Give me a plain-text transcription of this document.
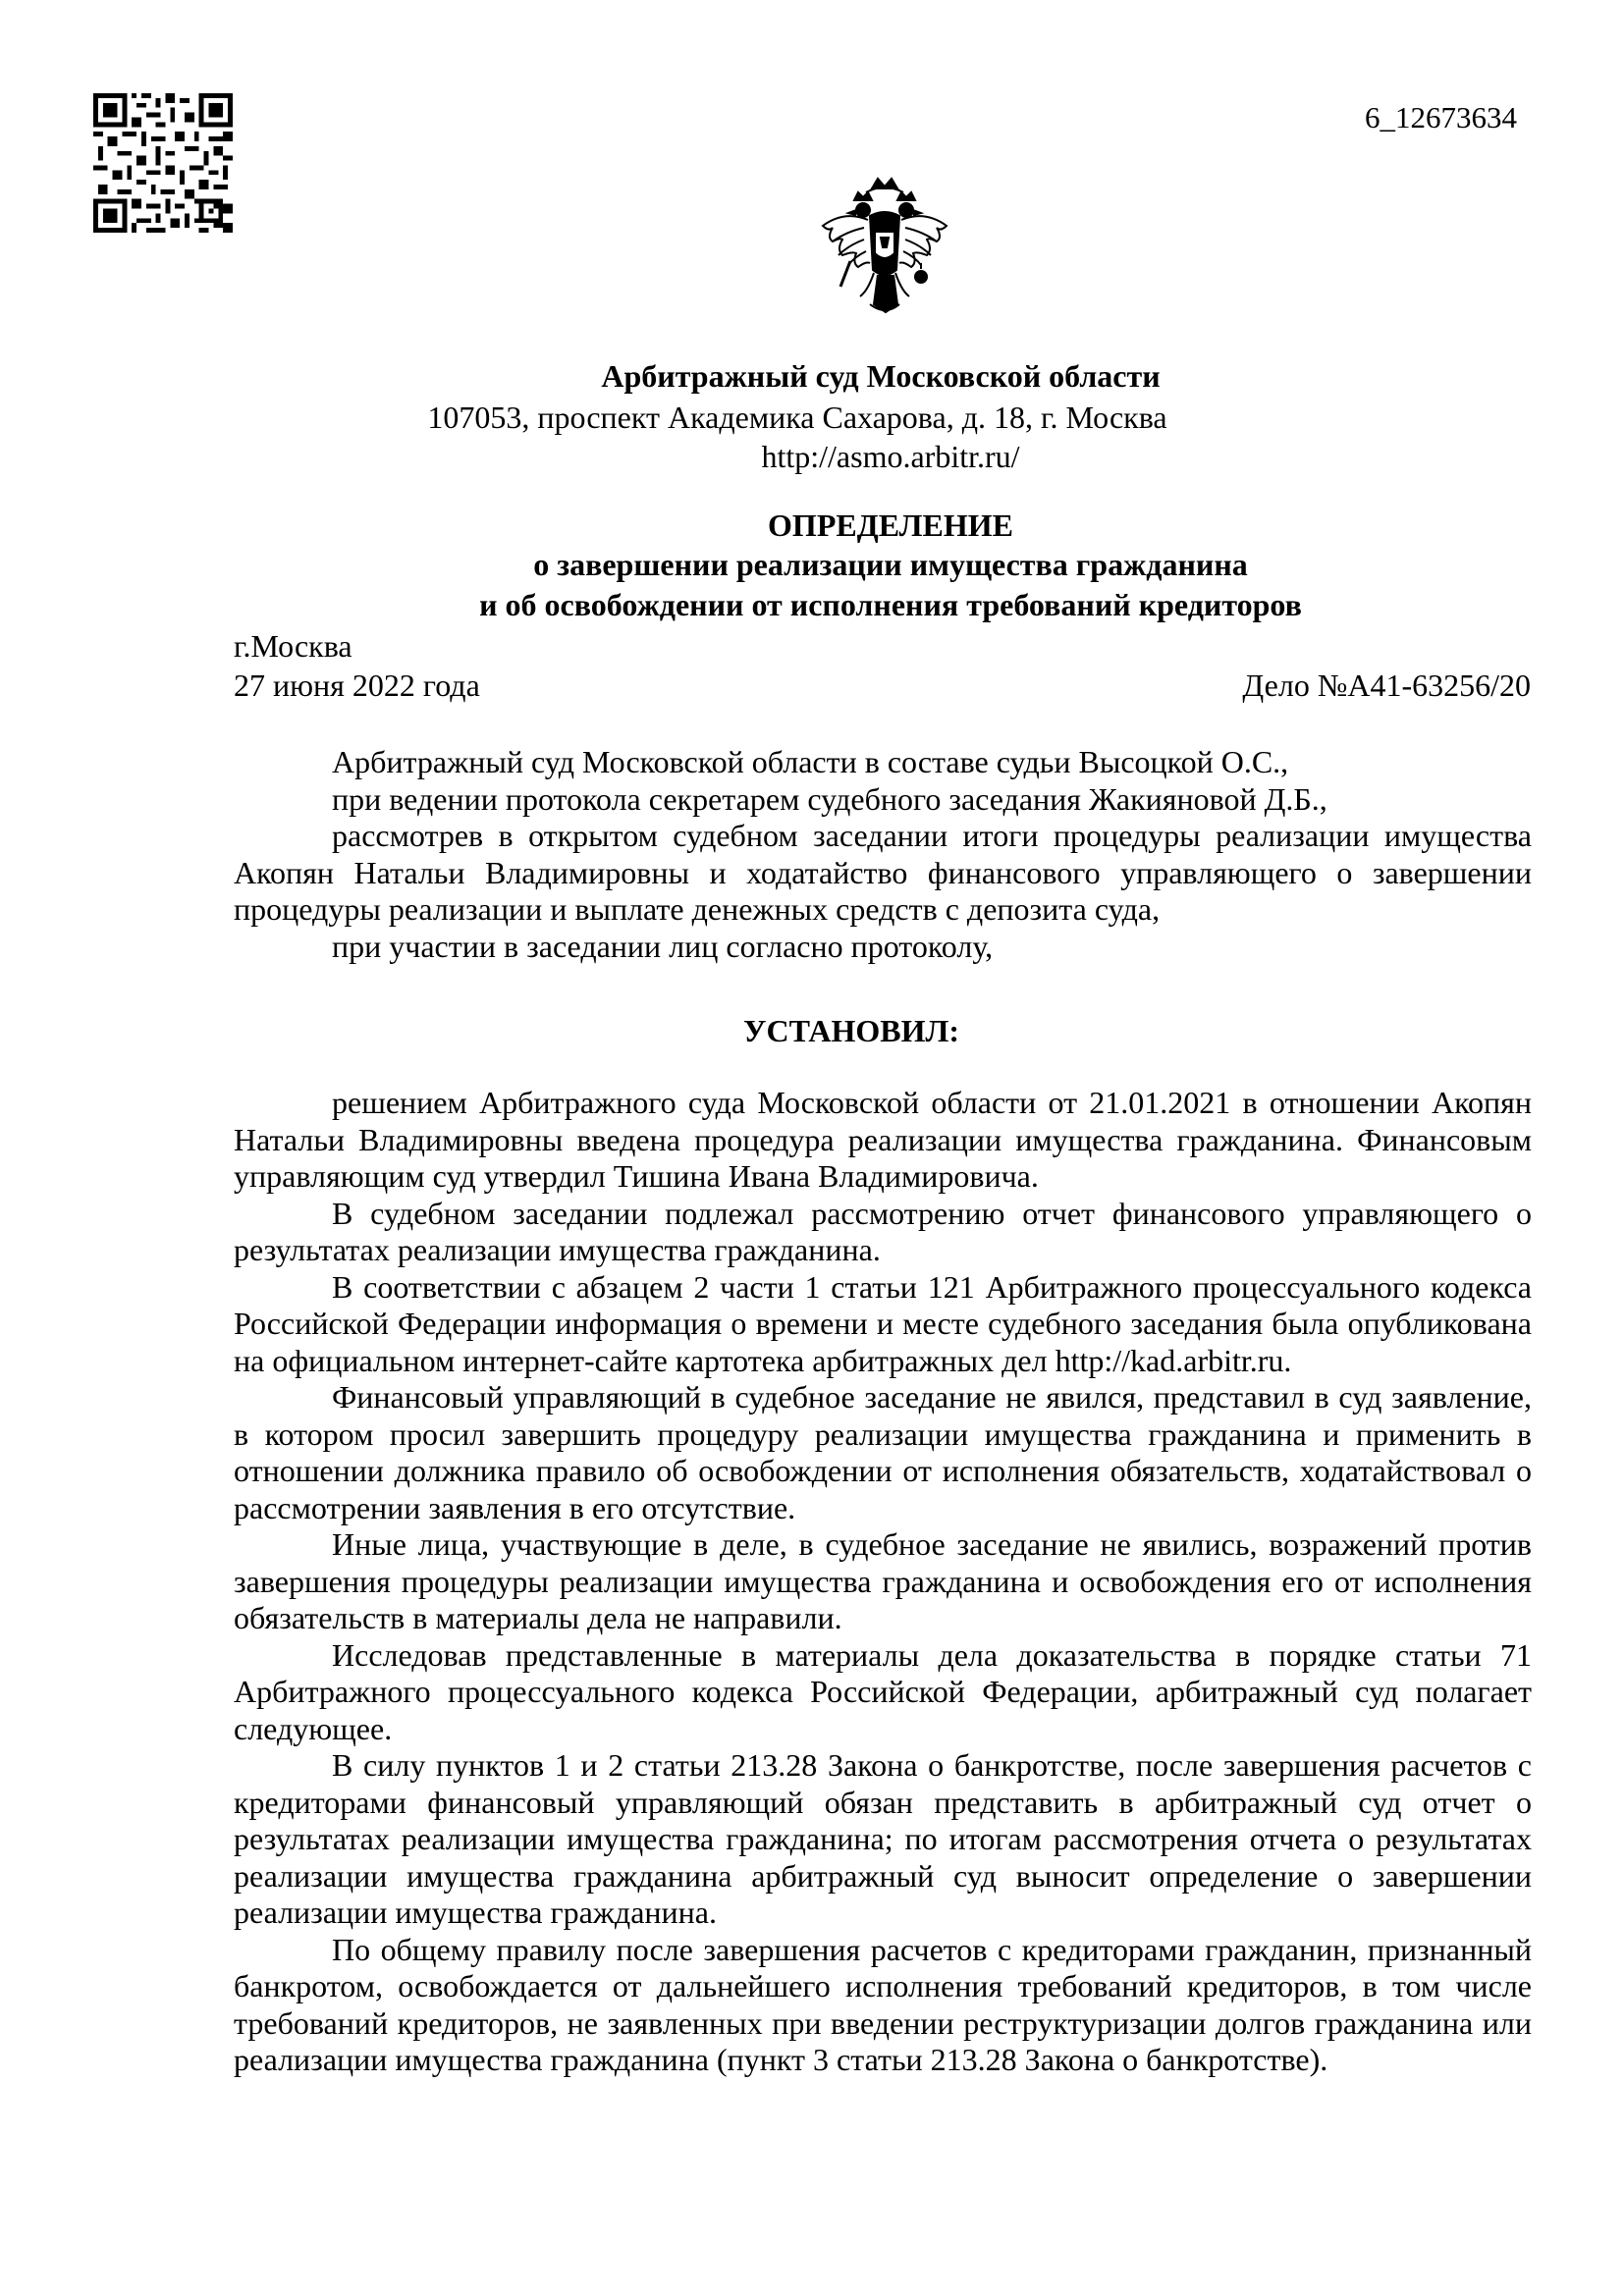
6_12673634
Арбитражный суд Московской области
107053, проспект Академика Сахарова, д. 18, г. Москва
http://asmo.arbitr.ru/
ОПРЕДЕЛЕНИЕ
о завершении реализации имущества гражданина
и об освобождении от исполнения требований кредиторов
г.Москва
27 июня 2022 года	Дело №А41-63256/20

Арбитражный суд Московской области в составе судьи Высоцкой О.С.,

при ведении протокола секретарем судебного заседания Жакияновой Д.Б.,

рассмотрев в открытом судебном заседании итоги процедуры реализации имущества Акопян Натальи Владимировны и ходатайство финансового управляющего о завершении процедуры реализации и выплате денежных средств с депозита суда,

при участии в заседании лиц согласно протоколу,

УСТАНОВИЛ:

решением Арбитражного суда Московской области от 21.01.2021 в отношении Акопян Натальи Владимировны введена процедура реализации имущества гражданина. Финансовым управляющим суд утвердил Тишина Ивана Владимировича.

В судебном заседании подлежал рассмотрению отчет финансового управляющего о результатах реализации имущества гражданина.

В соответствии с абзацем 2 части 1 статьи 121 Арбитражного процессуального кодекса Российской Федерации информация о времени и месте судебного заседания была опубликована на официальном интернет-сайте картотека арбитражных дел http://kad.arbitr.ru.

Финансовый управляющий в судебное заседание не явился, представил в суд заявление, в котором просил завершить процедуру реализации имущества гражданина и применить в отношении должника правило об освобождении от исполнения обязательств, ходатайствовал о рассмотрении заявления в его отсутствие.

Иные лица, участвующие в деле, в судебное заседание не явились, возражений против завершения процедуры реализации имущества гражданина и освобождения его от исполнения обязательств в материалы дела не направили.

Исследовав представленные в материалы дела доказательства в порядке статьи 71 Арбитражного процессуального кодекса Российской Федерации, арбитражный суд полагает следующее.

В силу пунктов 1 и 2 статьи 213.28 Закона о банкротстве, после завершения расчетов с кредиторами финансовый управляющий обязан представить в арбитражный суд отчет о результатах реализации имущества гражданина; по итогам рассмотрения отчета о результатах реализации имущества гражданина арбитражный суд выносит определение о завершении реализации имущества гражданина.

По общему правилу после завершения расчетов с кредиторами гражданин, признанный банкротом, освобождается от дальнейшего исполнения требований кредиторов, в том числе требований кредиторов, не заявленных при введении реструктуризации долгов гражданина или реализации имущества гражданина (пункт 3 статьи 213.28 Закона о банкротстве).
